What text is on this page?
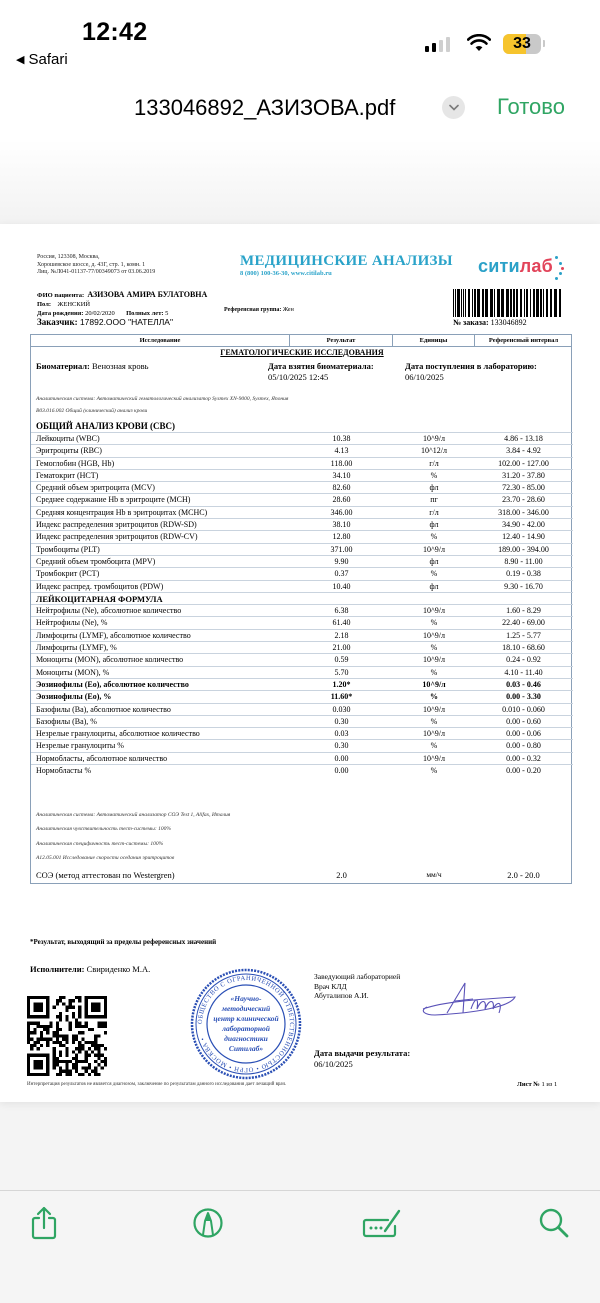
12:42
◀ Safari
33
133046892_АЗИЗОВА.pdf	Готово
Россия, 123308, Москва,
Хорошевское шоссе, д. 43Г, стр. 1, комн. 1
Лиц. №Л041-01137-77/00349073 от 03.06.2019
МЕДИЦИНСКИЕ АНАЛИЗЫ
8 (800) 100-36-30, www.citilab.ru	ситилаб
ФИО пациента: АЗИЗОВА АМИРА БУЛАТОВНА
Пол: ЖЕНСКИЙ
Дата рождения: 20/02/2020 Полных лет: 5	Референсная группа: Жен
Заказчик: 17892.ООО "НАТЕЛЛА"	№ заказа: 133046892
Исследование	Результат	Единицы	Референсный интервал
ГЕМАТОЛОГИЧЕСКИЕ ИССЛЕДОВАНИЯ
Биоматериал: Венозная кровь	Дата взятия биоматериала:
05/10/2025 12:45
Дата поступления в лабораторию:
06/10/2025
Аналитическая система: Автоматический гематологический анализатор Sysmex XN-9000, Sysmex, Япония
B03.016.002 Общий (клинический) анализ крови
ОБЩИЙ АНАЛИЗ КРОВИ (CBC)
Лейкоциты (WBC)	10.38	10^9/л	4.86 - 13.18
Эритроциты (RBC)	4.13	10^12/л	3.84 - 4.92
Гемоглобин (HGB, Hb)	118.00	г/л	102.00 - 127.00
Гематокрит (HCT)	34.10	%	31.20 - 37.80
Средний объем эритроцита (MCV)	82.60	фл	72.30 - 85.00
Среднее содержание Hb в эритроците (MCH)	28.60	пг	23.70 - 28.60
Средняя концентрация Hb в эритроцитах (MCHC)	346.00	г/л	318.00 - 346.00
Индекс распределения эритроцитов (RDW-SD)	38.10	фл	34.90 - 42.00
Индекс распределения эритроцитов (RDW-CV)	12.80	%	12.40 - 14.90
Тромбоциты (PLT)	371.00	10^9/л	189.00 - 394.00
Средний объем тромбоцита (MPV)	9.90	фл	8.90 - 11.00
Тромбокрит (PCT)	0.37	%	0.19 - 0.38
Индекс распред. тромбоцитов (PDW)	10.40	фл	9.30 - 16.70
ЛЕЙКОЦИТАРНАЯ ФОРМУЛА
Нейтрофилы (Ne), абсолютное количество	6.38	10^9/л	1.60 - 8.29
Нейтрофилы (Ne), %	61.40	%	22.40 - 69.00
Лимфоциты (LYMF), абсолютное количество	2.18	10^9/л	1.25 - 5.77
Лимфоциты (LYMF), %	21.00	%	18.10 - 68.60
Моноциты (MON), абсолютное количество	0.59	10^9/л	0.24 - 0.92
Моноциты (MON), %	5.70	%	4.10 - 11.40
Эозинофилы (Eo), абсолютное количество	1.20*	10^9/л	0.03 - 0.46
Эозинофилы (Eo), %	11.60*	%	0.00 - 3.30
Базофилы (Ba), абсолютное количество	0.030	10^9/л	0.010 - 0.060
Базофилы (Ba), %	0.30	%	0.00 - 0.60
Незрелые гранулоциты, абсолютное количество	0.03	10^9/л	0.00 - 0.06
Незрелые гранулоциты %	0.30	%	0.00 - 0.80
Нормобласты, абсолютное количество	0.00	10^9/л	0.00 - 0.32
Нормобласты %	0.00	%	0.00 - 0.20
Аналитическая система: Автоматический анализатор СОЭ Test 1, Alifax, Италия
Аналитическая чувствительность тест-системы: 100%
Аналитическая специфичность тест-системы: 100%
A12.05.001 Исследование скорости оседания эритроцитов
СОЭ (метод аттестован по Westergren)	2.0	мм/ч	2.0 - 20.0
*Результат, выходящий за пределы референсных значений
Исполнители: Свириденко М.А.
ОБЩЕСТВО С ОГРАНИЧЕННОЙ ОТВЕТСТВЕННОСТЬЮ • ОГРН • МОСКВА •
«Научно-
методический
центр клинической
лабораторной
диагностики
Ситилаб»
Заведующий лабораторией
Врач КЛД
Абуталипов А.И.
Дата выдачи результата:
06/10/2025
Интерпретация результатов не является диагнозом, заключение по результатам данного исследования дает лечащий врач.	Лист № 1 из 1
